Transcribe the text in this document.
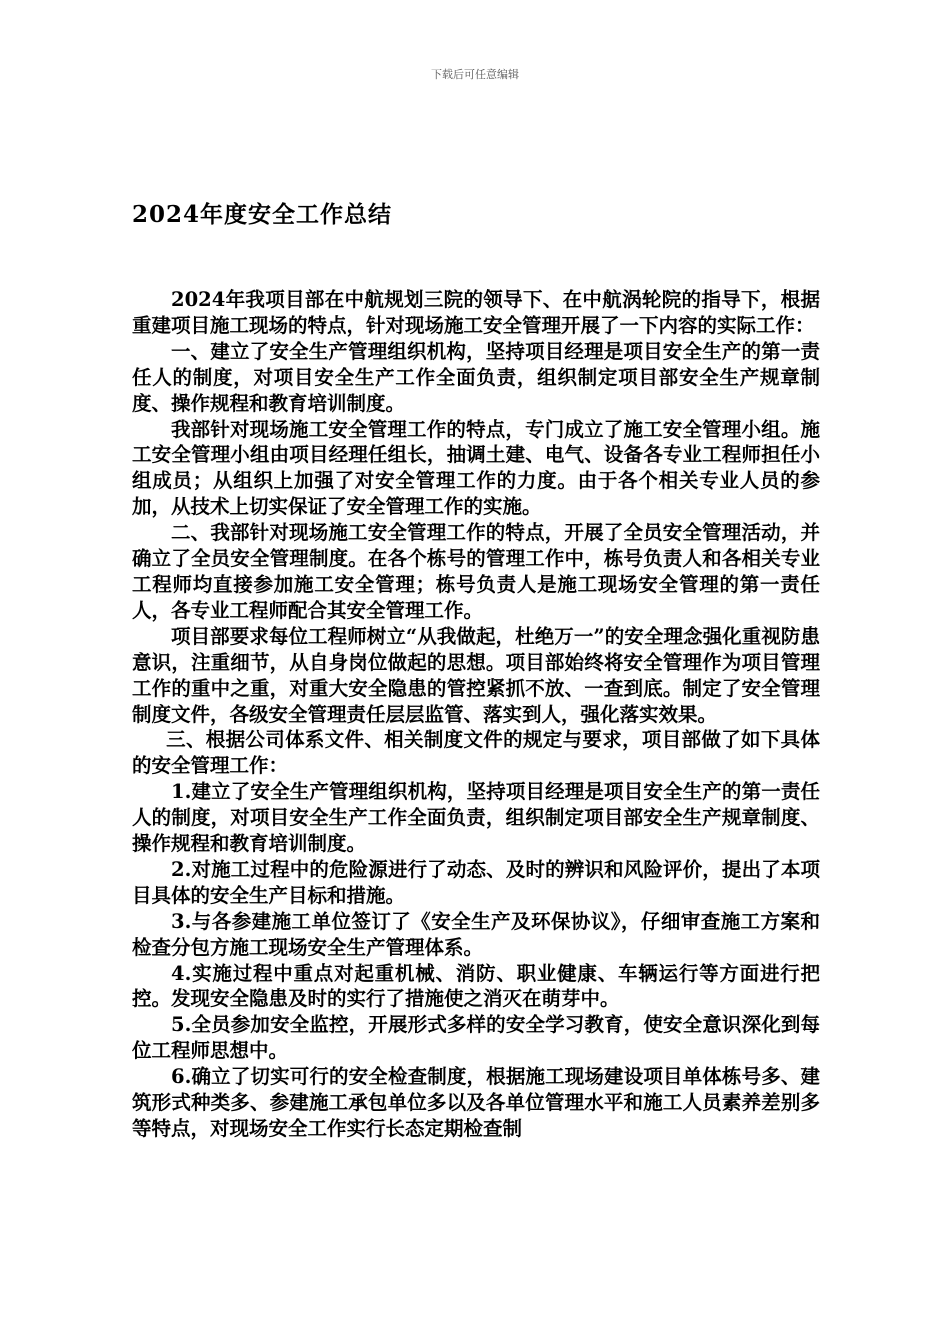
下载后可任意编辑
2024年度安全工作总结

2024年我项目部在中航规划三院的领导下、在中航涡轮院的指导下，根据重建项目施工现场的特点，针对现场施工安全管理开展了一下内容的实际工作：

一、建立了安全生产管理组织机构，坚持项目经理是项目安全生产的第一责任人的制度，对项目安全生产工作全面负责，组织制定项目部安全生产规章制度、操作规程和教育培训制度。

我部针对现场施工安全管理工作的特点，专门成立了施工安全管理小组。施工安全管理小组由项目经理任组长，抽调土建、电气、设备各专业工程师担任小组成员；从组织上加强了对安全管理工作的力度。由于各个相关专业人员的参加，从技术上切实保证了安全管理工作的实施。

二、我部针对现场施工安全管理工作的特点，开展了全员安全管理活动，并确立了全员安全管理制度。在各个栋号的管理工作中，栋号负责人和各相关专业工程师均直接参加施工安全管理；栋号负责人是施工现场安全管理的第一责任人，各专业工程师配合其安全管理工作。

项目部要求每位工程师树立“从我做起，杜绝万一”的安全理念强化重视防患意识，注重细节，从自身岗位做起的思想。项目部始终将安全管理作为项目管理工作的重中之重，对重大安全隐患的管控紧抓不放、一查到底。制定了安全管理制度文件，各级安全管理责任层层监管、落实到人，强化落实效果。

三、根据公司体系文件、相关制度文件的规定与要求，项目部做了如下具体的安全管理工作：

1.建立了安全生产管理组织机构，坚持项目经理是项目安全生产的第一责任人的制度，对项目安全生产工作全面负责，组织制定项目部安全生产规章制度、操作规程和教育培训制度。

2.对施工过程中的危险源进行了动态、及时的辨识和风险评价，提出了本项目具体的安全生产目标和措施。

3.与各参建施工单位签订了《安全生产及环保协议》，仔细审查施工方案和检查分包方施工现场安全生产管理体系。

4.实施过程中重点对起重机械、消防、职业健康、车辆运行等方面进行把控。发现安全隐患及时的实行了措施使之消灭在萌芽中。

5.全员参加安全监控，开展形式多样的安全学习教育，使安全意识深化到每位工程师思想中。

6.确立了切实可行的安全检查制度，根据施工现场建设项目单体栋号多、建筑形式种类多、参建施工承包单位多以及各单位管理水平和施工人员素养差别多等特点，对现场安全工作实行长态定期检查制
